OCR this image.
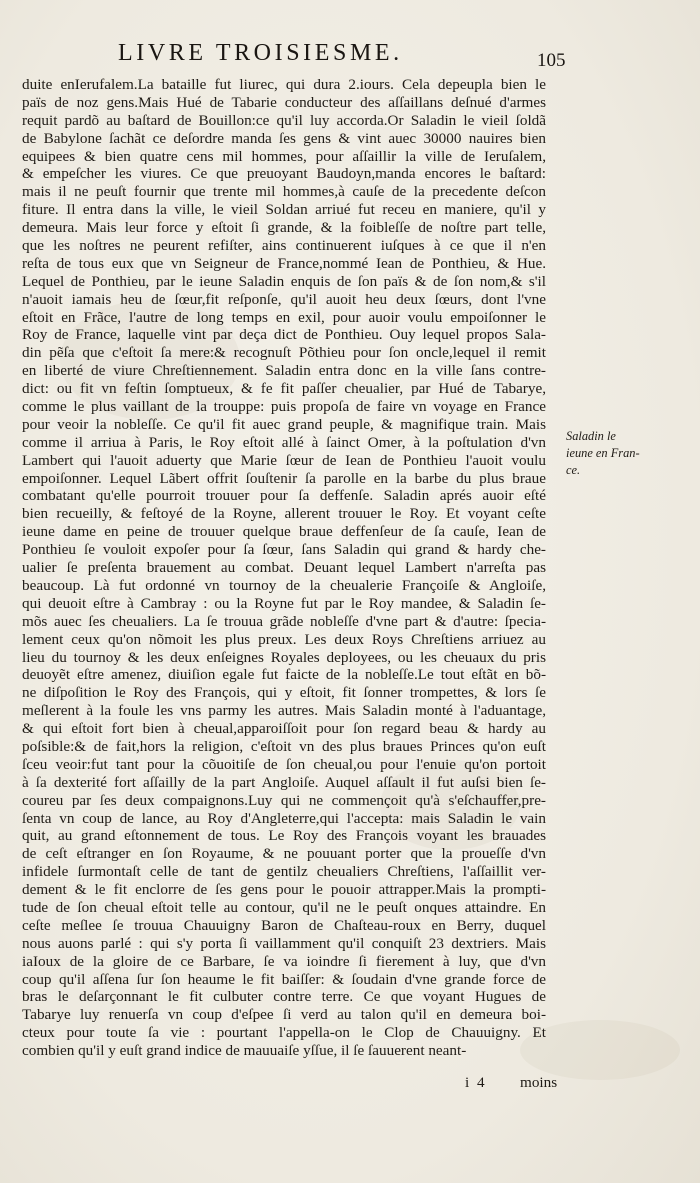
LIVRE TROISIESME.	105
duite enIerufalem.La bataille fut liurec, qui dura 2.iours. Cela depeupla bien le
païs de noz gens.Mais Hué de Tabarie conducteur des aſſaillans deſnué d'armes
requit pardõ au baſtard de Bouillon:ce qu'il luy accorda.Or Saladin le vieil ſoldã
de Babylone ſachãt ce deſordre manda ſes gens & vint auec 30000 nauires bien
equipees & bien quatre cens mil hommes, pour aſſaillir la ville de Ieruſalem,
& empeſcher les viures. Ce que preuoyant Baudoyn,manda encores le baſtard:
mais il ne peuſt fournir que trente mil hommes,à cauſe de la precedente deſcon
fiture. Il entra dans la ville, le vieil Soldan arriué fut receu en maniere, qu'il y
demeura. Mais leur force y eſtoit ſi grande, & la foibleſſe de noſtre part telle,
que les noſtres ne peurent refiſter, ains continuerent iuſques à ce que il n'en
reſta de tous eux que vn Seigneur de France,nommé Iean de Ponthieu, & Hue.
Lequel de Ponthieu, par le ieune Saladin enquis de ſon païs & de ſon nom,& s'il
n'auoit iamais heu de ſœur,fit reſponſe, qu'il auoit heu deux ſœurs, dont l'vne
eſtoit en Frãce, l'autre de long temps en exil, pour auoir voulu empoiſonner le
Roy de France, laquelle vint par deça dict de Ponthieu. Ouy lequel propos Sala-
din pẽſa que c'eſtoit ſa mere:& recognuſt Põthieu pour ſon oncle,lequel il remit
en liberté de viure Chreſtiennement. Saladin entra donc en la ville ſans contre-
dict: ou fit vn feſtin ſomptueux, & fe fit paſſer cheualier, par Hué de Tabarye,
comme le plus vaillant de la trouppe: puis propoſa de faire vn voyage en France
pour veoir la nobleſſe. Ce qu'il fit auec grand peuple, & magnifique train. Mais
comme il arriua à Paris, le Roy eſtoit allé à ſainct Omer, à la poſtulation d'vn
Lambert qui l'auoit aduerty que Marie ſœur de Iean de Ponthieu l'auoit voulu
empoiſonner. Lequel Lãbert offrit ſouſtenir ſa parolle en la barbe du plus braue
combatant qu'elle pourroit trouuer pour ſa deffenſe. Saladin aprés auoir eſté
bien recueilly, & feſtoyé de la Royne, allerent trouuer le Roy. Et voyant ceſte
ieune dame en peine de trouuer quelque braue deffenſeur de ſa cauſe, Iean de
Ponthieu ſe vouloit expoſer pour ſa ſœur, ſans Saladin qui grand & hardy che-
ualier ſe preſenta brauement au combat. Deuant lequel Lambert n'arreſta pas
beaucoup. Là fut ordonné vn tournoy de la cheualerie Françoiſe & Angloiſe,
qui deuoit eſtre à Cambray : ou la Royne fut par le Roy mandee, & Saladin ſe-
mõs auec ſes cheualiers. La ſe trouua grãde nobleſſe d'vne part & d'autre: ſpecia-
lement ceux qu'on nõmoit les plus preux. Les deux Roys Chreſtiens arriuez au
lieu du tournoy & les deux enſeignes Royales deployees, ou les cheuaux du pris
deuoyẽt eſtre amenez, diuiſion egale fut faicte de la nobleſſe.Le tout eſtãt en bõ-
ne diſpoſition le Roy des François, qui y eſtoit, fit ſonner trompettes, & lors ſe
meſlerent à la foule les vns parmy les autres. Mais Saladin monté à l'aduantage,
& qui eſtoit fort bien à cheual,apparoiſſoit pour ſon regard beau & hardy au
poſsible:& de fait,hors la religion, c'eſtoit vn des plus braues Princes qu'on euſt
ſceu veoir:fut tant pour la cõuoitiſe de ſon cheual,ou pour l'enuie qu'on portoit
à ſa dexterité fort aſſailly de la part Angloiſe. Auquel aſſault il fut auſsi bien ſe-
coureu par ſes deux compaignons.Luy qui ne commençoit qu'à s'eſchauffer,pre-
ſenta vn coup de lance, au Roy d'Angleterre,qui l'accepta: mais Saladin le vain
quit, au grand eſtonnement de tous. Le Roy des François voyant les brauades
de ceſt eſtranger en ſon Royaume, & ne pouuant porter que la proueſſe d'vn
infidele ſurmontaſt celle de tant de gentilz cheualiers Chreſtiens, l'aſſaillit ver-
dement & le fit enclorre de ſes gens pour le pouoir attrapper.Mais la prompti-
tude de ſon cheual eſtoit telle au contour, qu'il ne le peuſt onques attaindre. En
ceſte meſlee ſe trouua Chauuigny Baron de Chaſteau-roux en Berry, duquel
nous auons parlé : qui s'y porta ſi vaillamment qu'il conquiſt 23 dextriers. Mais
iaIoux de la gloire de ce Barbare, ſe va ioindre ſi fierement à luy, que d'vn
coup qu'il aſſena ſur ſon heaume le fit baiſſer: & ſoudain d'vne grande force de
bras le deſarçonnant le fit culbuter contre terre. Ce que voyant Hugues de
Tabarye luy renuerſa vn coup d'eſpee ſi verd au talon qu'il en demeura boi-
cteux pour toute ſa vie : pourtant l'appella-on le Clop de Chauuigny. Et
combien qu'il y euſt grand indice de mauuaiſe yſſue, il ſe ſauuerent neant-
Saladin le
ieune en Fran-
ce.
i 4 moins
